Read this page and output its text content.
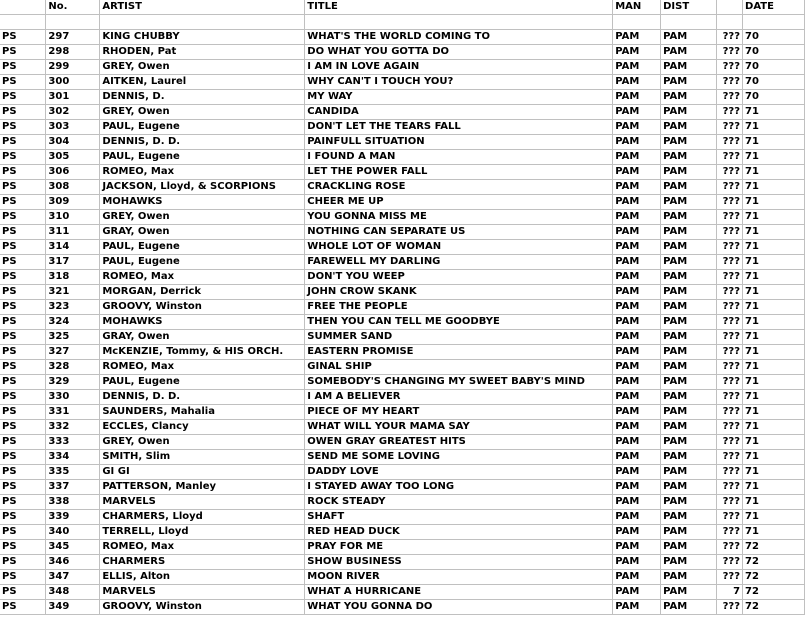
	No.	ARTIST	TITLE	MAN	DIST		DATE

PS	297	KING CHUBBY	WHAT'S THE WORLD COMING TO	PAM	PAM	???	70
PS	298	RHODEN, Pat	DO WHAT YOU GOTTA DO	PAM	PAM	???	70
PS	299	GREY, Owen	I AM IN LOVE AGAIN	PAM	PAM	???	70
PS	300	AITKEN, Laurel	WHY CAN'T I TOUCH YOU?	PAM	PAM	???	70
PS	301	DENNIS, D.	MY WAY	PAM	PAM	???	70
PS	302	GREY, Owen	CANDIDA	PAM	PAM	???	71
PS	303	PAUL, Eugene	DON'T LET THE TEARS FALL	PAM	PAM	???	71
PS	304	DENNIS, D. D.	PAINFULL SITUATION	PAM	PAM	???	71
PS	305	PAUL, Eugene	I FOUND A MAN	PAM	PAM	???	71
PS	306	ROMEO, Max	LET THE POWER FALL	PAM	PAM	???	71
PS	308	JACKSON, Lloyd, & SCORPIONS	CRACKLING ROSE	PAM	PAM	???	71
PS	309	MOHAWKS	CHEER ME UP	PAM	PAM	???	71
PS	310	GREY, Owen	YOU GONNA MISS ME	PAM	PAM	???	71
PS	311	GRAY, Owen	NOTHING CAN SEPARATE US	PAM	PAM	???	71
PS	314	PAUL, Eugene	WHOLE LOT OF WOMAN	PAM	PAM	???	71
PS	317	PAUL, Eugene	FAREWELL MY DARLING	PAM	PAM	???	71
PS	318	ROMEO, Max	DON'T YOU WEEP	PAM	PAM	???	71
PS	321	MORGAN, Derrick	JOHN CROW SKANK	PAM	PAM	???	71
PS	323	GROOVY, Winston	FREE THE PEOPLE	PAM	PAM	???	71
PS	324	MOHAWKS	THEN YOU CAN TELL ME GOODBYE	PAM	PAM	???	71
PS	325	GRAY, Owen	SUMMER SAND	PAM	PAM	???	71
PS	327	McKENZIE, Tommy, & HIS ORCH.	EASTERN PROMISE	PAM	PAM	???	71
PS	328	ROMEO, Max	GINAL SHIP	PAM	PAM	???	71
PS	329	PAUL, Eugene	SOMEBODY'S CHANGING MY SWEET BABY'S MIND	PAM	PAM	???	71
PS	330	DENNIS, D. D.	I AM A BELIEVER	PAM	PAM	???	71
PS	331	SAUNDERS, Mahalia	PIECE OF MY HEART	PAM	PAM	???	71
PS	332	ECCLES, Clancy	WHAT WILL YOUR MAMA SAY	PAM	PAM	???	71
PS	333	GREY, Owen	OWEN GRAY GREATEST HITS	PAM	PAM	???	71
PS	334	SMITH, Slim	SEND ME SOME LOVING	PAM	PAM	???	71
PS	335	GI GI	DADDY LOVE	PAM	PAM	???	71
PS	337	PATTERSON, Manley	I STAYED AWAY TOO LONG	PAM	PAM	???	71
PS	338	MARVELS	ROCK STEADY	PAM	PAM	???	71
PS	339	CHARMERS, Lloyd	SHAFT	PAM	PAM	???	71
PS	340	TERRELL, Lloyd	RED HEAD DUCK	PAM	PAM	???	71
PS	345	ROMEO, Max	PRAY FOR ME	PAM	PAM	???	72
PS	346	CHARMERS	SHOW BUSINESS	PAM	PAM	???	72
PS	347	ELLIS, Alton	MOON RIVER	PAM	PAM	???	72
PS	348	MARVELS	WHAT A HURRICANE	PAM	PAM	7	72
PS	349	GROOVY, Winston	WHAT YOU GONNA DO	PAM	PAM	???	72
